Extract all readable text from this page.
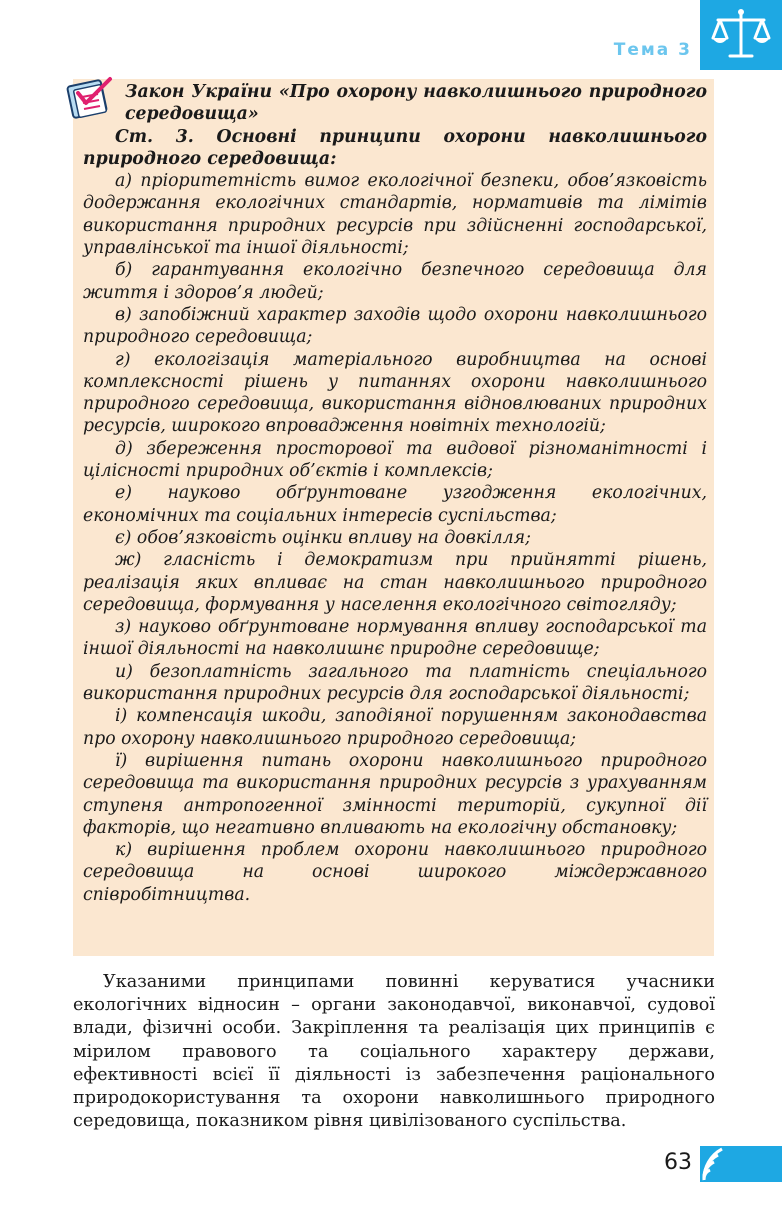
Тема 3

Закон України «Про охорону навколишнього природного середовища»

Ст. 3. Основні принципи охорони навколишнього природного середовища:

а) пріоритетність вимог екологічної безпеки, обов’язковість додержання екологічних стандартів, нормативів та лімітів використання природних ресурсів при здійсненні господарської, управлінської та іншої діяльності;

б) гарантування екологічно безпечного середовища для життя і здоров’я людей;

в) запобіжний характер заходів щодо охорони навколишнього природного середовища;

г) екологізація матеріального виробництва на основі комплексності рішень у питаннях охорони навколишнього природного середовища, використання відновлюваних природних ресурсів, широкого впровадження новітніх технологій;

д) збереження просторової та видової різноманітності і цілісності природних об’єктів і комплексів;

е) науково обґрунтоване узгодження екологічних, економічних та соціальних інтересів суспільства;

є) обов’язковість оцінки впливу на довкілля;

ж) гласність і демократизм при прийнятті рішень, реалізація яких впливає на стан навколишнього природного середовища, формування у населення екологічного світогляду;

з) науково обґрунтоване нормування впливу господарської та іншої діяльності на навколишнє природне середовище;

и) безоплатність загального та платність спеціального використання природних ресурсів для господарської діяльності;

і) компенсація шкоди, заподіяної порушенням законодавства про охорону навколишнього природного середовища;

ї) вирішення питань охорони навколишнього природного середовища та використання природних ресурсів з урахуванням ступеня антропогенної змінності територій, сукупної дії факторів, що негативно впливають на екологічну обстановку;

к) вирішення проблем охорони навколишнього природного середовища на основі широкого міждержавного співробітництва.

Указаними принципами повинні керуватися учасники екологічних відносин – органи законодавчої, виконавчої, судової влади, фізичні особи. Закріплення та реалізація цих принципів є мірилом правового та соціального характеру держави, ефективності всієї її діяльності із забезпечення раціонального природокористування та охорони навколишнього природного середовища, показником рівня цивілізованого суспільства.

63
